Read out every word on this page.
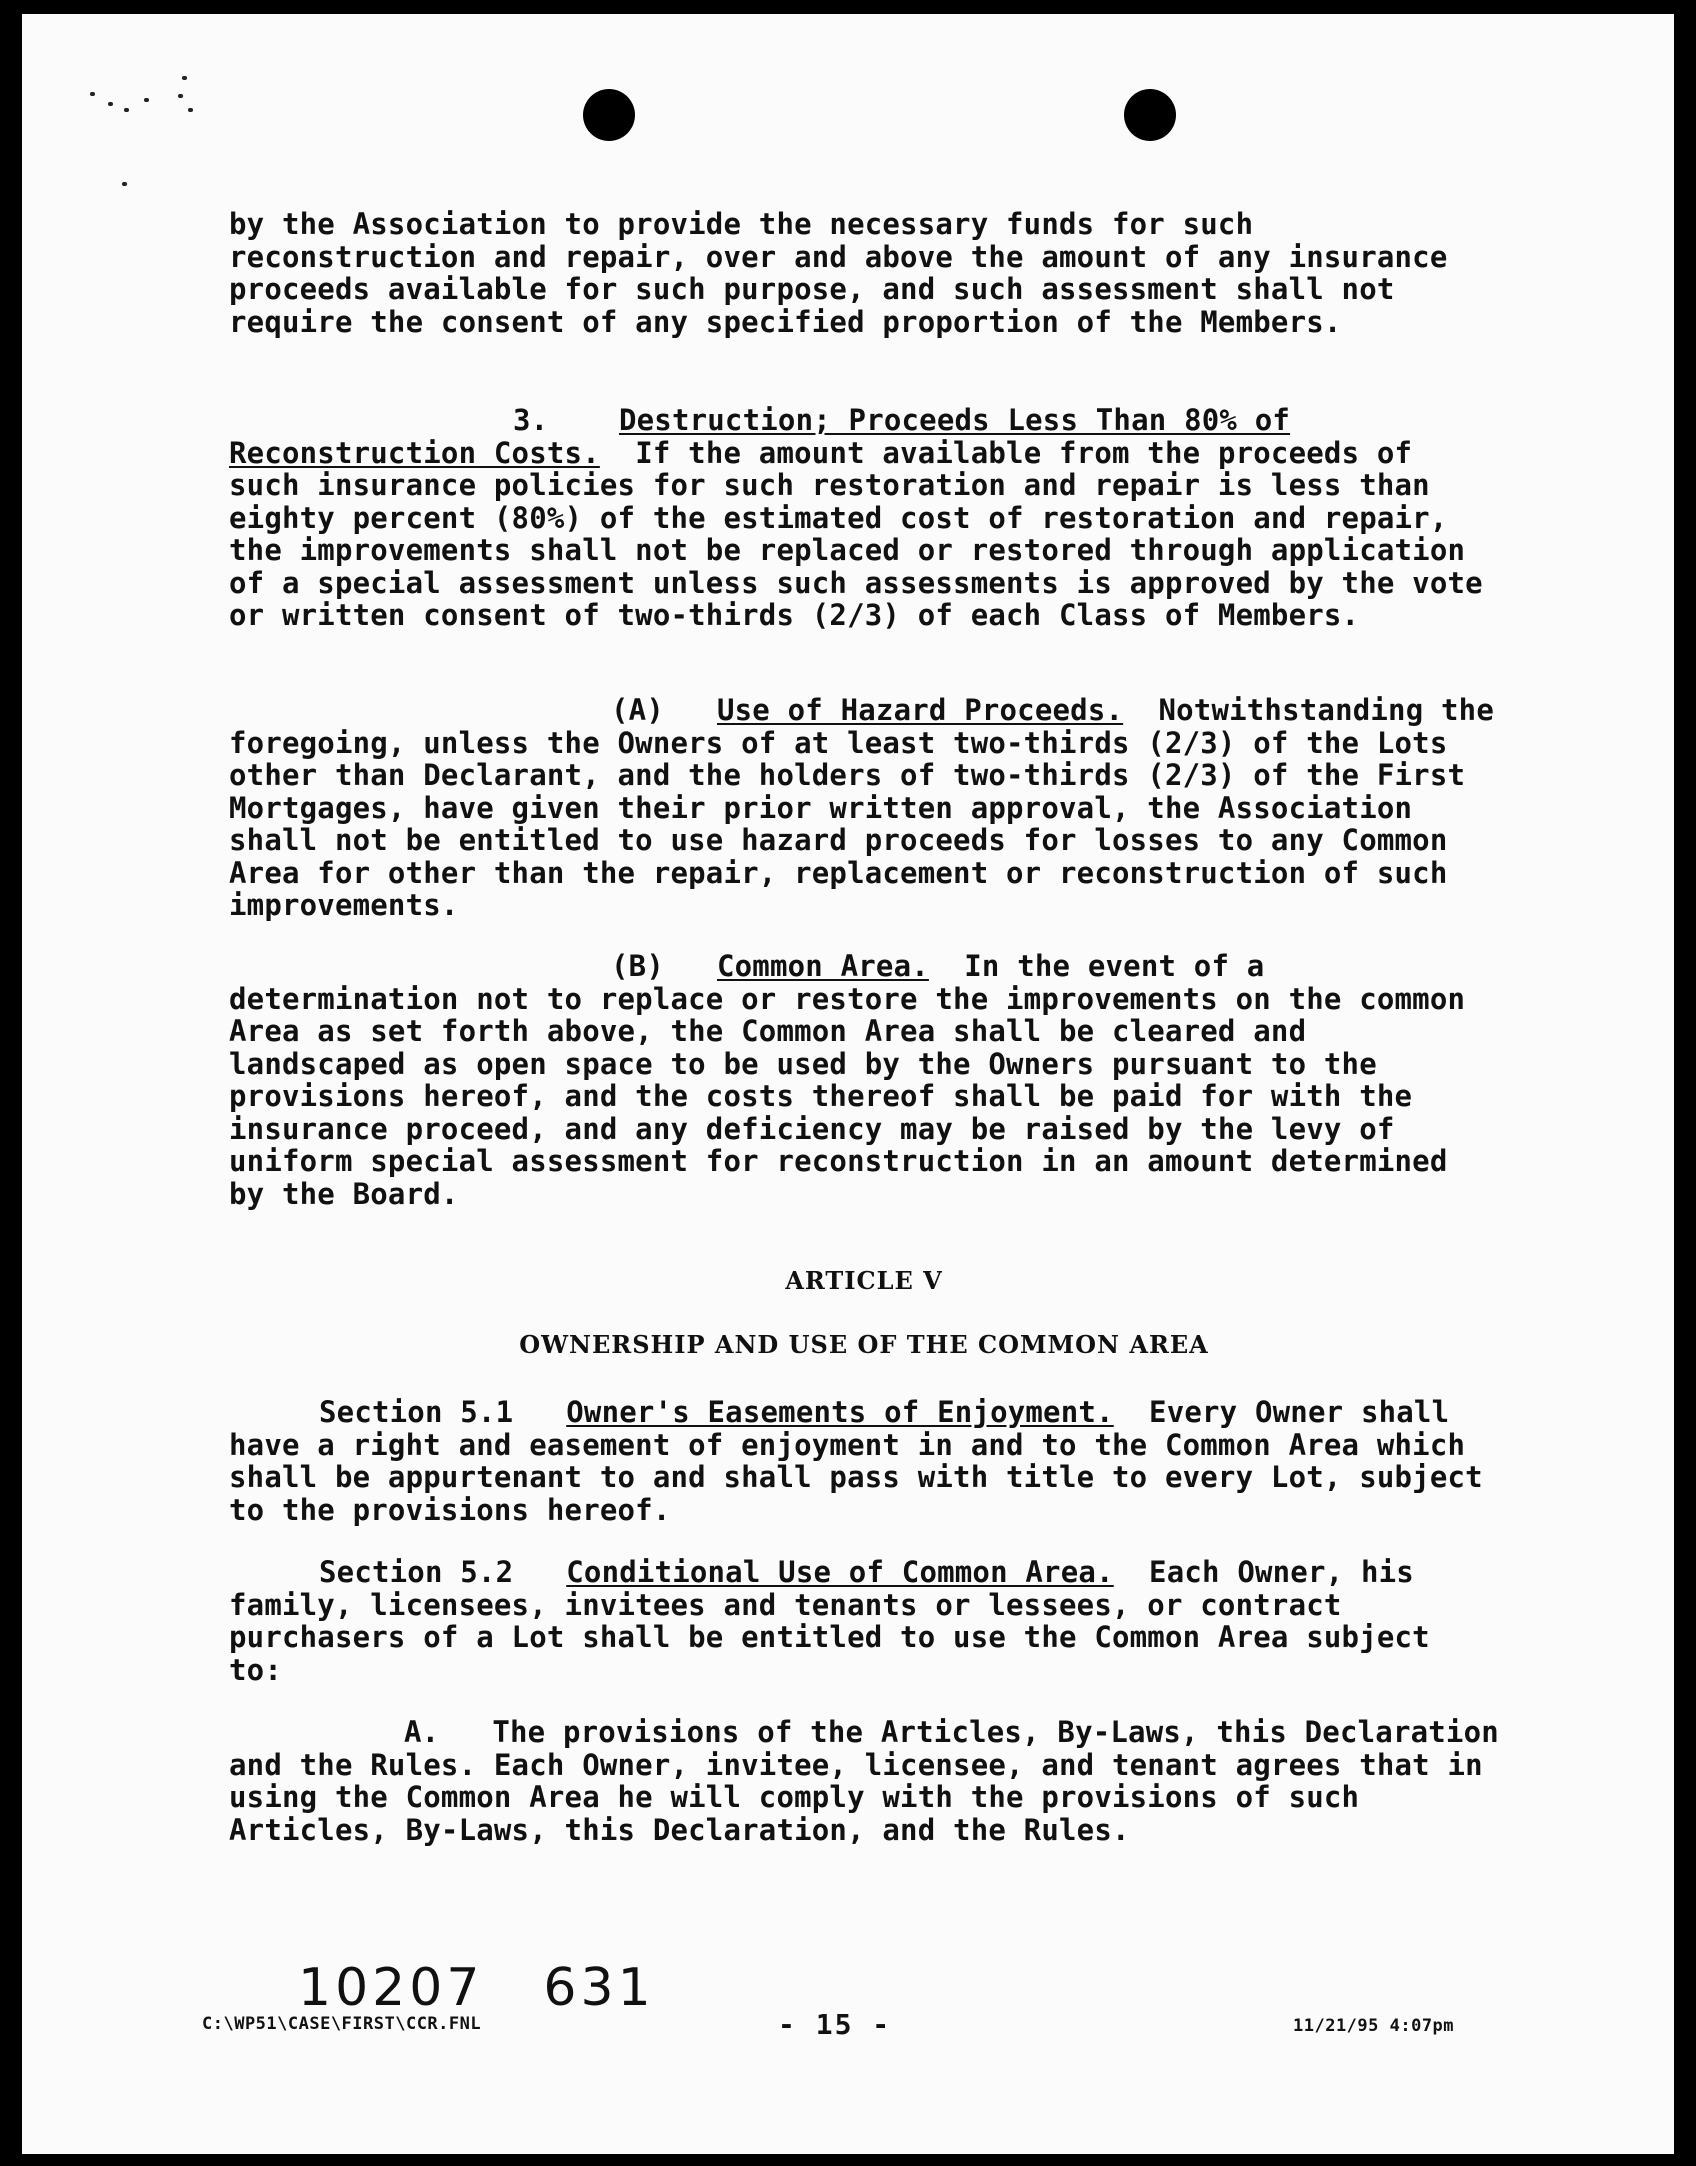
by the Association to provide the necessary funds for such reconstruction and repair, over and above the amount of any insurance proceeds available for such purpose, and such assessment shall not require the consent of any specified proportion of the Members.

3. Destruction; Proceeds Less Than 80% of Reconstruction Costs. If the amount available from the proceeds of such insurance policies for such restoration and repair is less than eighty percent (80%) of the estimated cost of restoration and repair, the improvements shall not be replaced or restored through application of a special assessment unless such assessments is approved by the vote or written consent of two-thirds (2/3) of each Class of Members.

(A) Use of Hazard Proceeds. Notwithstanding the foregoing, unless the Owners of at least two-thirds (2/3) of the Lots other than Declarant, and the holders of two-thirds (2/3) of the First Mortgages, have given their prior written approval, the Association shall not be entitled to use hazard proceeds for losses to any Common Area for other than the repair, replacement or reconstruction of such improvements.

(B) Common Area. In the event of a determination not to replace or restore the improvements on the common Area as set forth above, the Common Area shall be cleared and landscaped as open space to be used by the Owners pursuant to the provisions hereof, and the costs thereof shall be paid for with the insurance proceed, and any deficiency may be raised by the levy of uniform special assessment for reconstruction in an amount determined by the Board.

ARTICLE V
OWNERSHIP AND USE OF THE COMMON AREA

Section 5.1 Owner's Easements of Enjoyment. Every Owner shall have a right and easement of enjoyment in and to the Common Area which shall be appurtenant to and shall pass with title to every Lot, subject to the provisions hereof.

Section 5.2 Conditional Use of Common Area. Each Owner, his family, licensees, invitees and tenants or lessees, or contract purchasers of a Lot shall be entitled to use the Common Area subject to:

A. The provisions of the Articles, By-Laws, this Declaration and the Rules. Each Owner, invitee, licensee, and tenant agrees that in using the Common Area he will comply with the provisions of such Articles, By-Laws, this Declaration, and the Rules.

C:\WP51\CASE\FIRST\CCR.FNL	- 15 -	11/21/95 4:07pm
10207 631
